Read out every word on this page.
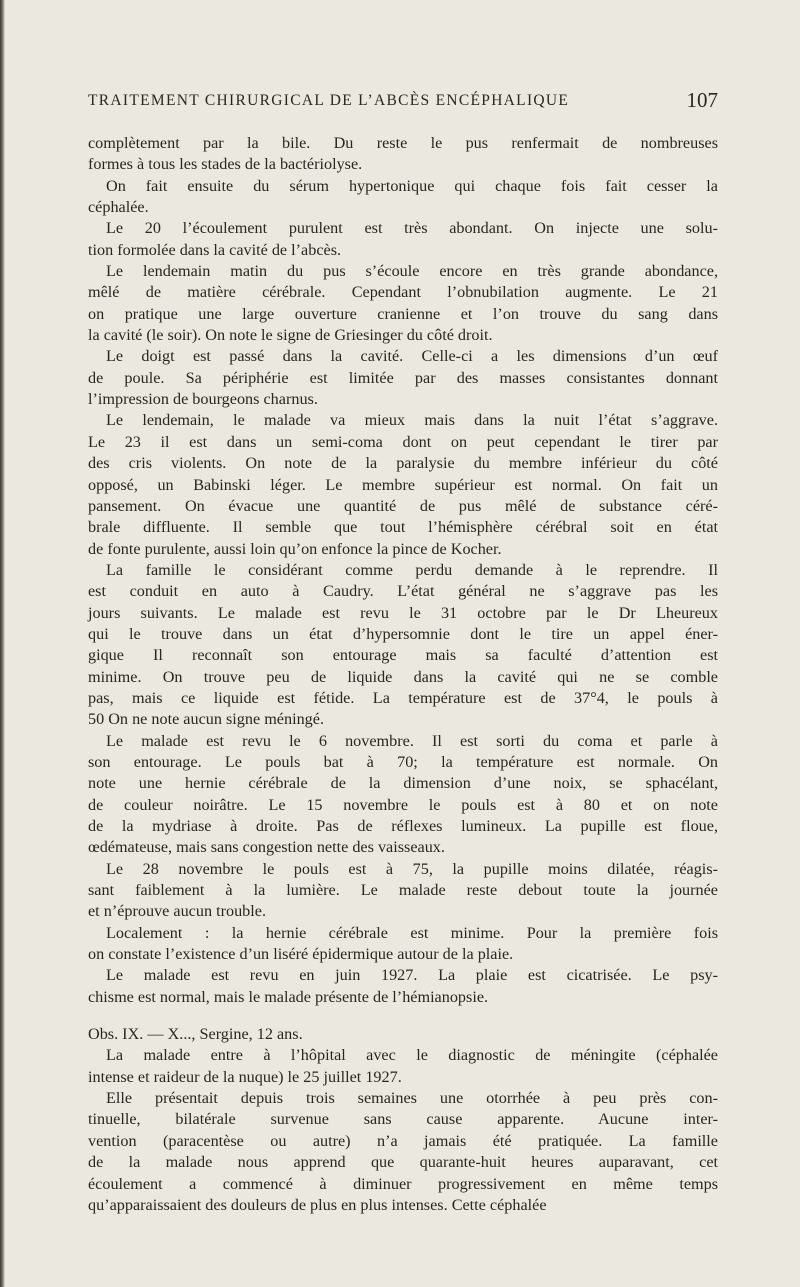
TRAITEMENT CHIRURGICAL DE L’ABCÈS ENCÉPHALIQUE	107
complètement par la bile. Du reste le pus renfermait de nombreuses
formes à tous les stades de la bactériolyse.
On fait ensuite du sérum hypertonique qui chaque fois fait cesser la
céphalée.
Le 20 l’écoulement purulent est très abondant. On injecte une solu-
tion formolée dans la cavité de l’abcès.
Le lendemain matin du pus s’écoule encore en très grande abondance,
mêlé de matière cérébrale. Cependant l’obnubilation augmente. Le 21
on pratique une large ouverture cranienne et l’on trouve du sang dans
la cavité (le soir). On note le signe de Griesinger du côté droit.
Le doigt est passé dans la cavité. Celle-ci a les dimensions d’un œuf
de poule. Sa périphérie est limitée par des masses consistantes donnant
l’impression de bourgeons charnus.
Le lendemain, le malade va mieux mais dans la nuit l’état s’aggrave.
Le 23 il est dans un semi-coma dont on peut cependant le tirer par
des cris violents. On note de la paralysie du membre inférieur du côté
opposé, un Babinski léger. Le membre supérieur est normal. On fait un
pansement. On évacue une quantité de pus mêlé de substance céré-
brale diffluente. Il semble que tout l’hémisphère cérébral soit en état
de fonte purulente, aussi loin qu’on enfonce la pince de Kocher.
La famille le considérant comme perdu demande à le reprendre. Il
est conduit en auto à Caudry. L’état général ne s’aggrave pas les
jours suivants. Le malade est revu le 31 octobre par le Dr Lheureux
qui le trouve dans un état d’hypersomnie dont le tire un appel éner-
gique Il reconnaît son entourage mais sa faculté d’attention est
minime. On trouve peu de liquide dans la cavité qui ne se comble
pas, mais ce liquide est fétide. La température est de 37°4, le pouls à
50 On ne note aucun signe méningé.
Le malade est revu le 6 novembre. Il est sorti du coma et parle à
son entourage. Le pouls bat à 70; la température est normale. On
note une hernie cérébrale de la dimension d’une noix, se sphacélant,
de couleur noirâtre. Le 15 novembre le pouls est à 80 et on note
de la mydriase à droite. Pas de réflexes lumineux. La pupille est floue,
œdémateuse, mais sans congestion nette des vaisseaux.
Le 28 novembre le pouls est à 75, la pupille moins dilatée, réagis-
sant faiblement à la lumière. Le malade reste debout toute la journée
et n’éprouve aucun trouble.
Localement : la hernie cérébrale est minime. Pour la première fois
on constate l’existence d’un liséré épidermique autour de la plaie.
Le malade est revu en juin 1927. La plaie est cicatrisée. Le psy-
chisme est normal, mais le malade présente de l’hémianopsie.
Obs. IX. — X..., Sergine, 12 ans.
La malade entre à l’hôpital avec le diagnostic de méningite (céphalée
intense et raideur de la nuque) le 25 juillet 1927.
Elle présentait depuis trois semaines une otorrhée à peu près con-
tinuelle, bilatérale survenue sans cause apparente. Aucune inter-
vention (paracentèse ou autre) n’a jamais été pratiquée. La famille
de la malade nous apprend que quarante-huit heures auparavant, cet
écoulement a commencé à diminuer progressivement en même temps
qu’apparaissaient des douleurs de plus en plus intenses. Cette céphalée
